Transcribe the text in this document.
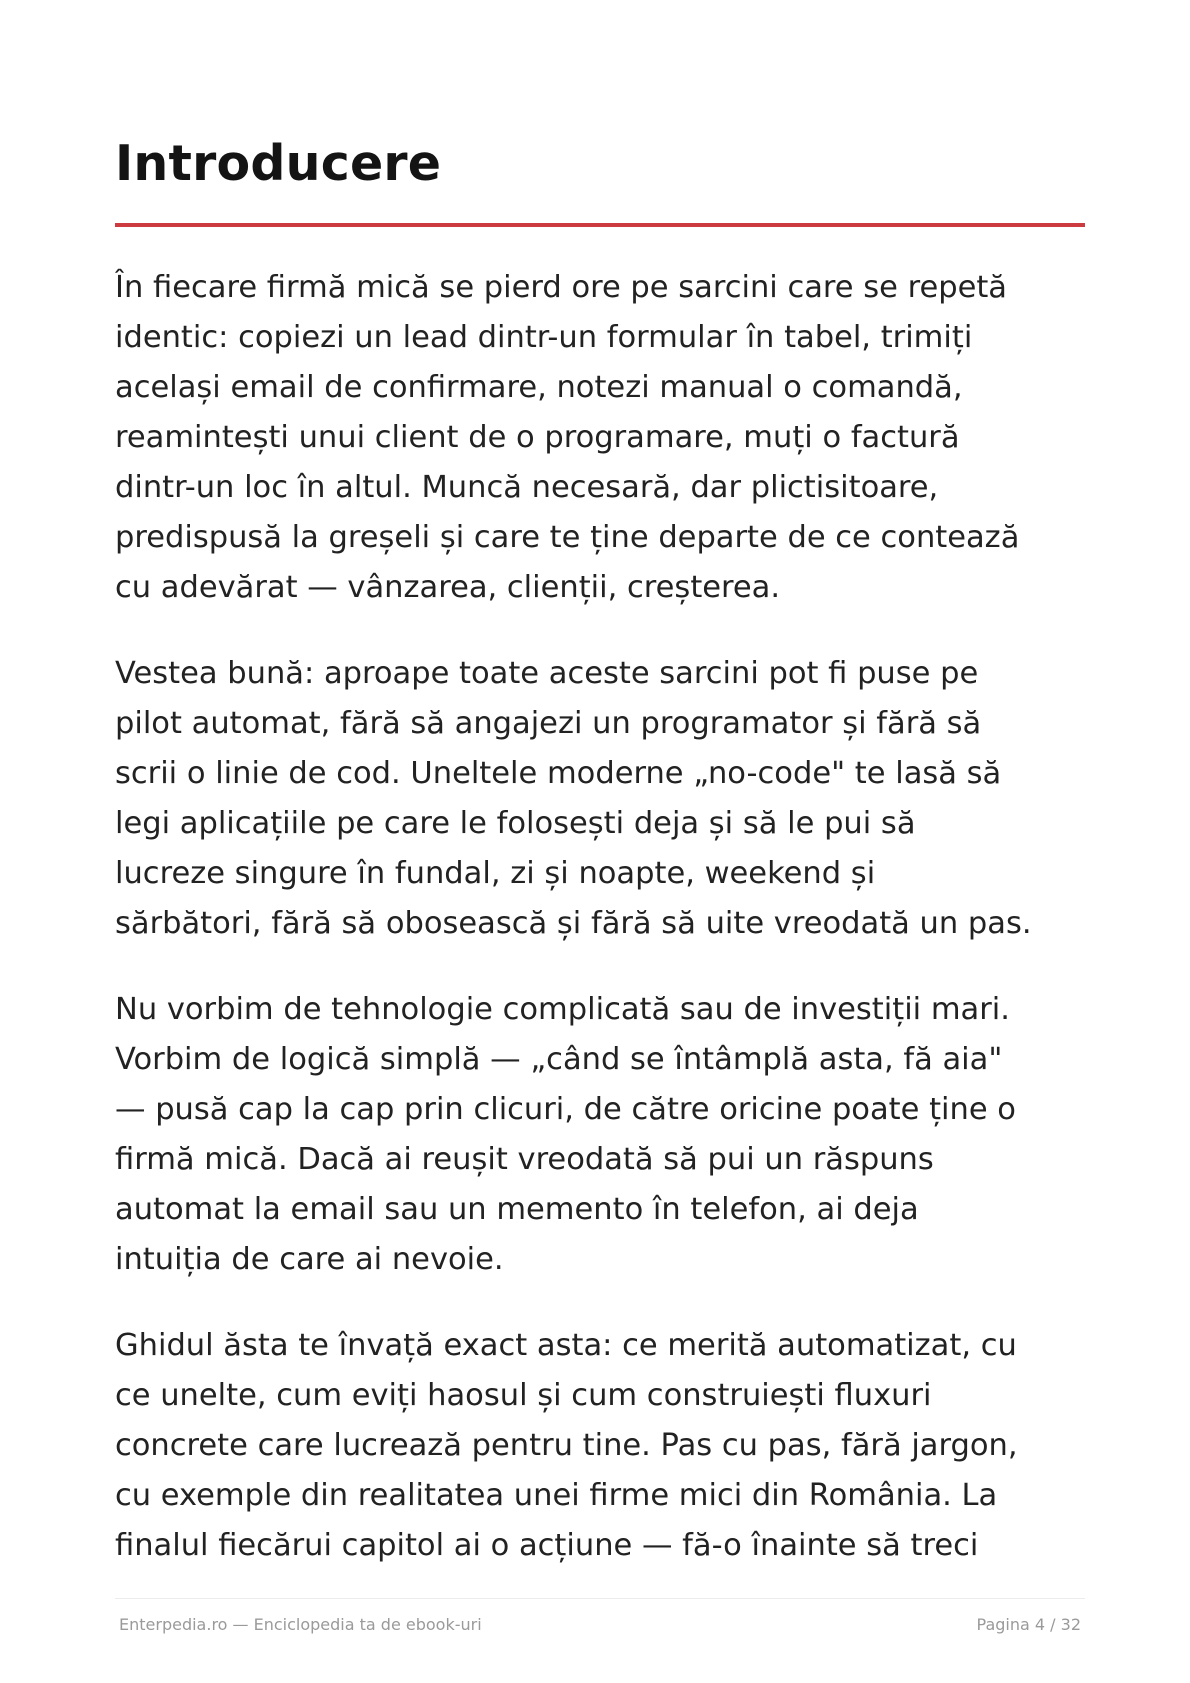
Introducere

În fiecare firmă mică se pierd ore pe sarcini care se repetă
identic: copiezi un lead dintr-un formular în tabel, trimiți
același email de confirmare, notezi manual o comandă,
reamintești unui client de o programare, muți o factură
dintr-un loc în altul. Muncă necesară, dar plictisitoare,
predispusă la greșeli și care te ține departe de ce contează
cu adevărat — vânzarea, clienții, creșterea.

Vestea bună: aproape toate aceste sarcini pot fi puse pe
pilot automat, fără să angajezi un programator și fără să
scrii o linie de cod. Uneltele moderne „no-code" te lasă să
legi aplicațiile pe care le folosești deja și să le pui să
lucreze singure în fundal, zi și noapte, weekend și
sărbători, fără să obosească și fără să uite vreodată un pas.

Nu vorbim de tehnologie complicată sau de investiții mari.
Vorbim de logică simplă — „când se întâmplă asta, fă aia"
— pusă cap la cap prin clicuri, de către oricine poate ține o
firmă mică. Dacă ai reușit vreodată să pui un răspuns
automat la email sau un memento în telefon, ai deja
intuiția de care ai nevoie.

Ghidul ăsta te învață exact asta: ce merită automatizat, cu
ce unelte, cum eviți haosul și cum construiești fluxuri
concrete care lucrează pentru tine. Pas cu pas, fără jargon,
cu exemple din realitatea unei firme mici din România. La
finalul fiecărui capitol ai o acțiune — fă-o înainte să treci

Enterpedia.ro — Enciclopedia ta de ebook-uri	Pagina 4 / 32
